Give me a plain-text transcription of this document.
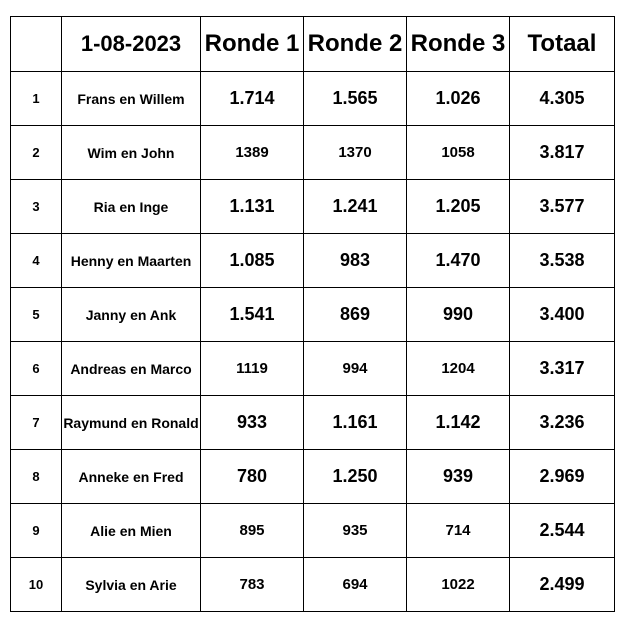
	1-08-2023	Ronde 1	Ronde 2	Ronde 3	Totaal
1	Frans en Willem	1.714	1.565	1.026	4.305
2	Wim en John	1389	1370	1058	3.817
3	Ria en Inge	1.131	1.241	1.205	3.577
4	Henny en Maarten	1.085	983	1.470	3.538
5	Janny en Ank	1.541	869	990	3.400
6	Andreas en Marco	1119	994	1204	3.317
7	Raymund en Ronald	933	1.161	1.142	3.236
8	Anneke en Fred	780	1.250	939	2.969
9	Alie en Mien	895	935	714	2.544
10	Sylvia en Arie	783	694	1022	2.499
